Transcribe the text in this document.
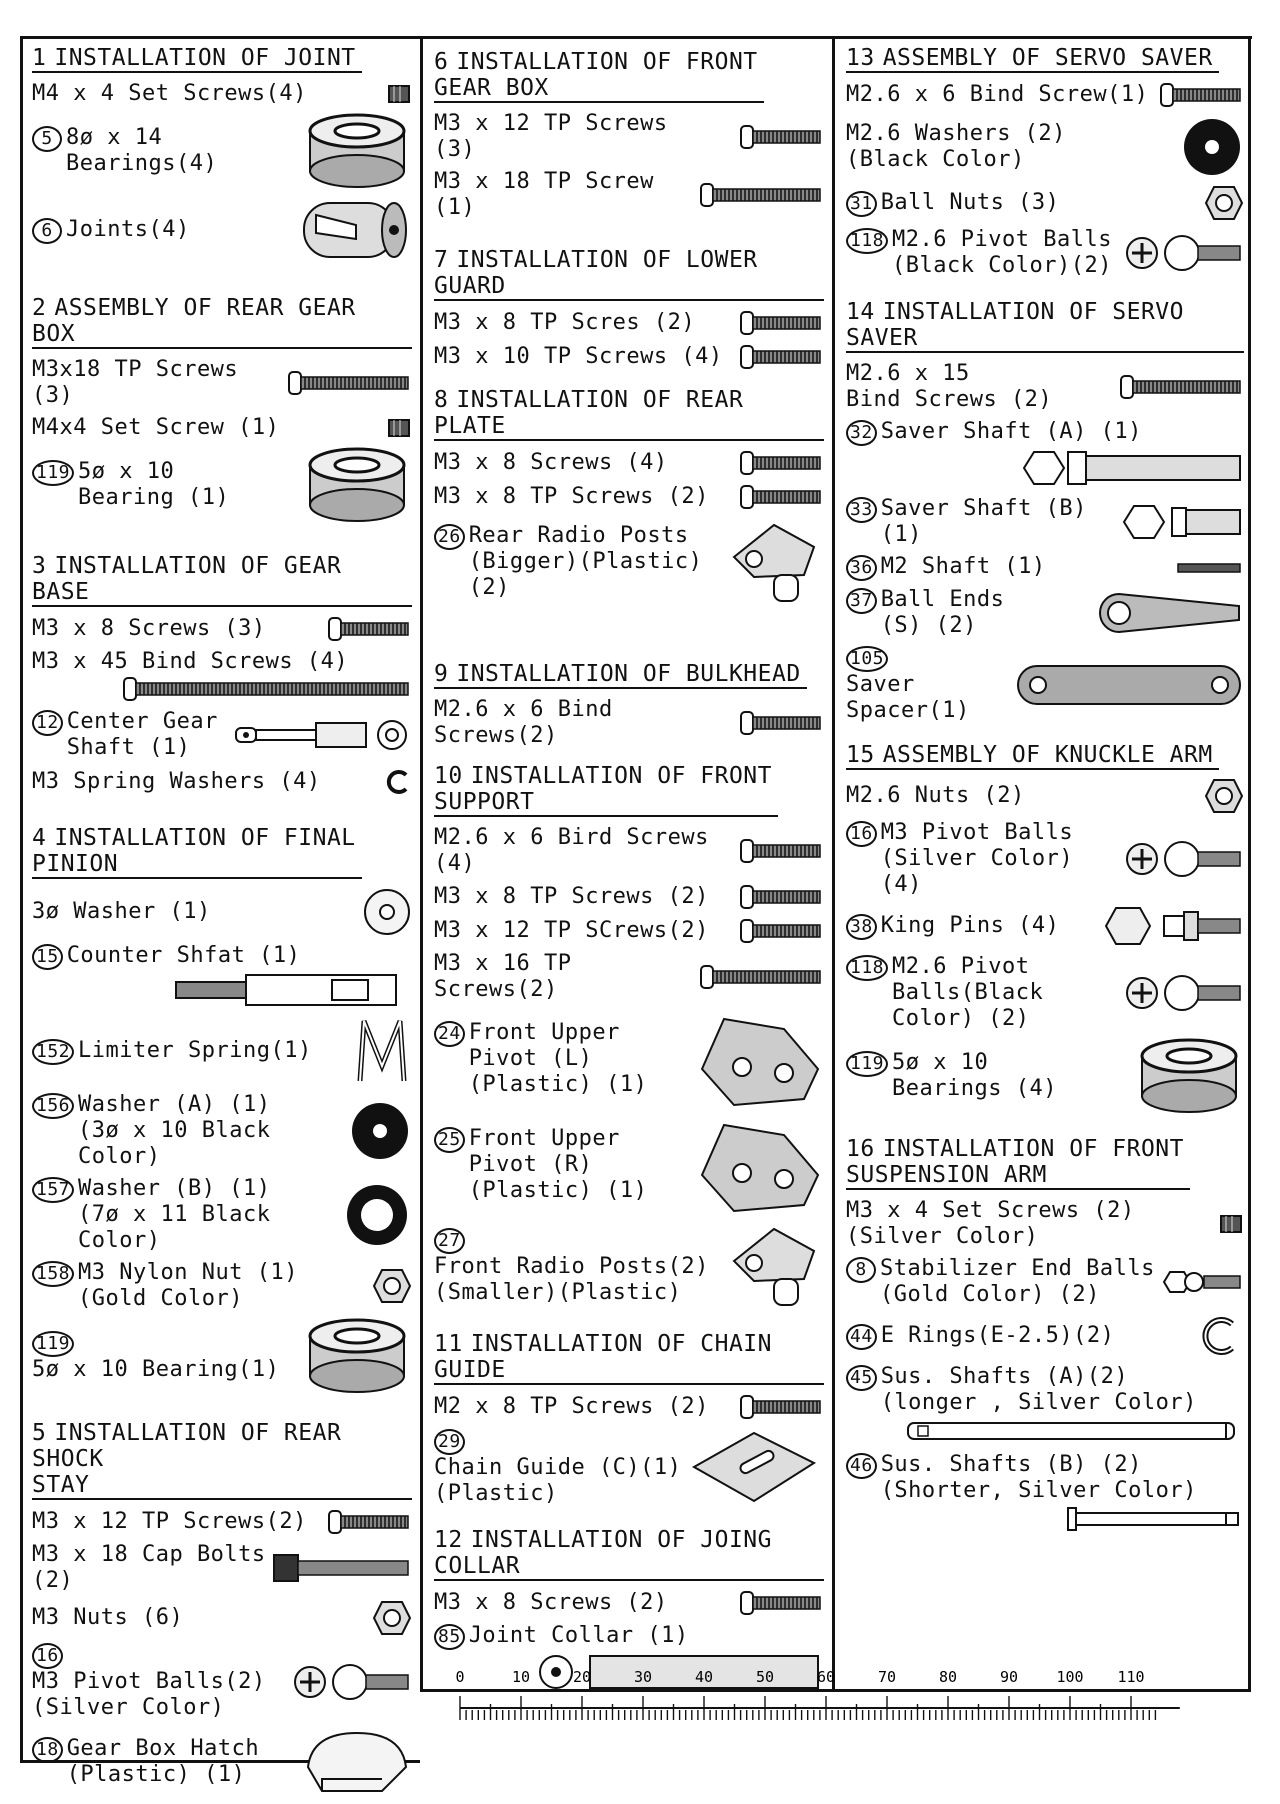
1 INSTALLATION OF JOINT
M4 x 4 Set Screws(4)
5 8ø x 14
Bearings(4)
6 Joints(4)
2 ASSEMBLY OF REAR GEAR BOX
M3x18 TP Screws (3)
M4x4 Set Screw (1)
119 5ø x 10
Bearing (1)
3 INSTALLATION OF GEAR BASE
M3 x 8 Screws (3)
M3 x 45 Bind Screws (4)
12 Center Gear
Shaft (1)
M3 Spring Washers (4)
4 INSTALLATION OF FINAL
PINION
3ø Washer (1)
15 Counter Shfat (1)
152 Limiter Spring(1)
156 Washer (A) (1)
(3ø x 10 Black
Color)
157 Washer (B) (1)
(7ø x 11 Black
Color)
158 M3 Nylon Nut (1)
(Gold Color)
1195ø x 10 Bearing(1)
5 INSTALLATION OF REAR SHOCK
STAY
M3 x 12 TP Screws(2)
M3 x 18 Cap Bolts
(2)
M3 Nuts (6)
16M3 Pivot Balls(2)
(Silver Color)
18 Gear Box Hatch
(Plastic) (1)
6 INSTALLATION OF FRONT
GEAR BOX
M3 x 12 TP Screws
(3)
M3 x 18 TP Screw
(1)
7 INSTALLATION OF LOWER GUARD
M3 x 8 TP Scres (2)
M3 x 10 TP Screws (4)
8 INSTALLATION OF REAR PLATE
M3 x 8 Screws (4)
M3 x 8 TP Screws (2)
26 Rear Radio Posts
(Bigger)(Plastic)
(2)
9 INSTALLATION OF BULKHEAD
M2.6 x 6 Bind Screws(2)
10 INSTALLATION OF FRONT
SUPPORT
M2.6 x 6 Bird Screws (4)
M3 x 8 TP Screws (2)
M3 x 12 TP SCrews(2)
M3 x 16 TP Screws(2)
24 Front Upper
Pivot (L)
(Plastic) (1)
25 Front Upper
Pivot (R)
(Plastic) (1)
27Front Radio Posts(2)
(Smaller)(Plastic)
11 INSTALLATION OF CHAIN GUIDE
M2 x 8 TP Screws (2)
29Chain Guide (C)(1)
(Plastic)
12 INSTALLATION OF JOING COLLAR
M3 x 8 Screws (2)
85 Joint Collar (1)
13 ASSEMBLY OF SERVO SAVER
M2.6 x 6 Bind Screw(1)
M2.6 Washers (2)
(Black Color)
31 Ball Nuts (3)
118 M2.6 Pivot Balls
(Black Color)(2)
14 INSTALLATION OF SERVO SAVER
M2.6 x 15
Bind Screws (2)
32 Saver Shaft (A) (1)
33 Saver Shaft (B)
(1)
36 M2 Shaft (1)
37 Ball Ends
(S) (2)
105Saver
Spacer(1)
15 ASSEMBLY OF KNUCKLE ARM
M2.6 Nuts (2)
16 M3 Pivot Balls
(Silver Color)
(4)
38 King Pins (4)
118 M2.6 Pivot
Balls(Black
Color) (2)
119 5ø x 10
Bearings (4)
16 INSTALLATION OF FRONT
SUSPENSION ARM
M3 x 4 Set Screws (2)
(Silver Color)
8 Stabilizer End Balls
(Gold Color) (2)
44 E Rings(E-2.5)(2)
45 Sus. Shafts (A)(2)
(longer , Silver Color)
46 Sus. Shafts (B) (2)
(Shorter, Silver Color)
0	10	20	30	40	50	60	70	80	90	100 110
